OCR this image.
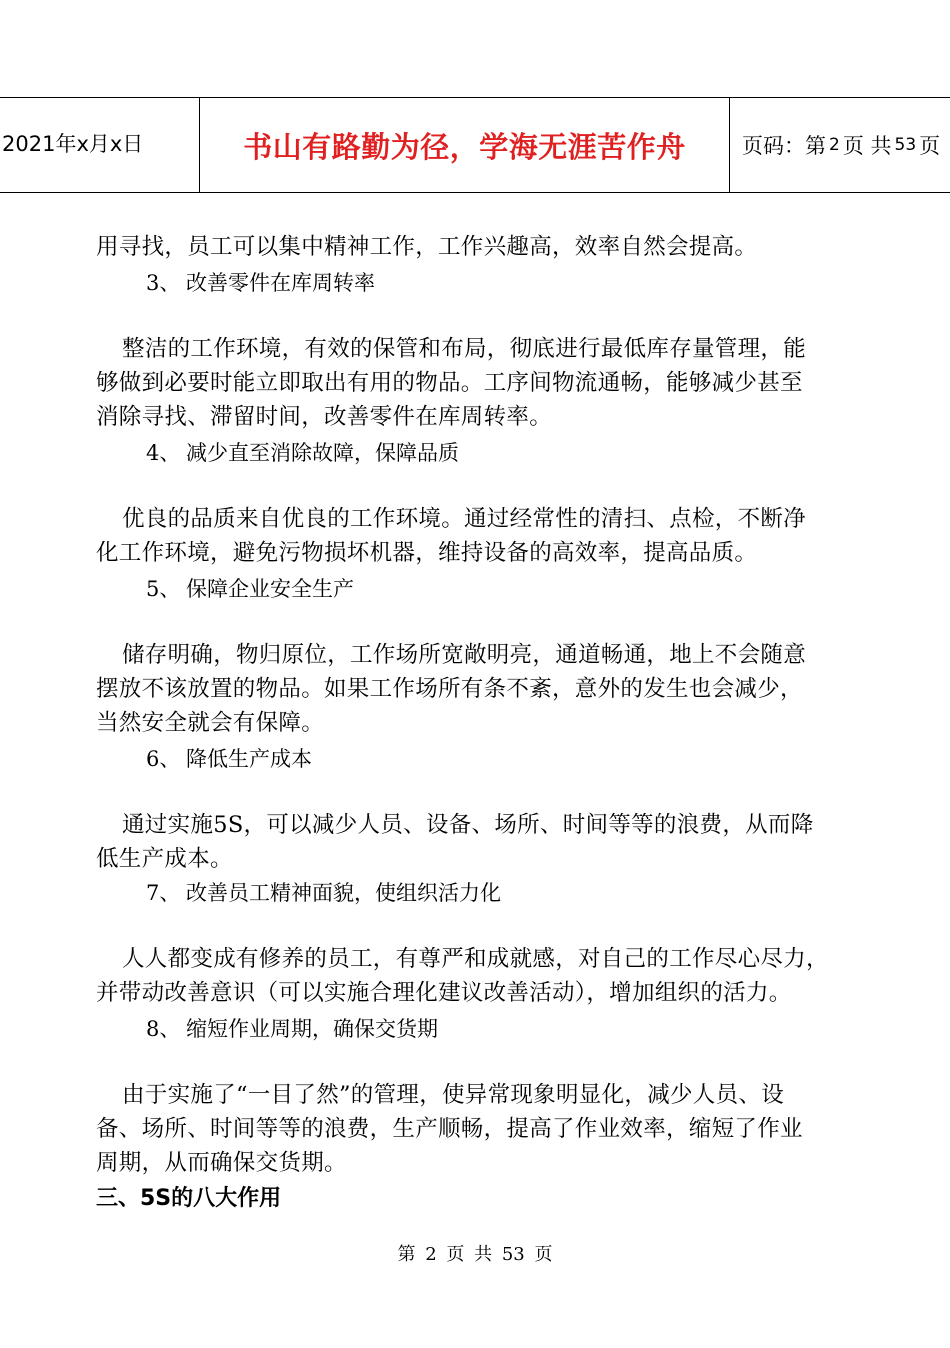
2021年x月x日	书山有路勤为径，学海无涯苦作舟	页码：第 2 页 共 53 页
用寻找，员工可以集中精神工作，工作兴趣高，效率自然会提高。
3、 改善零件在库周转率
整洁的工作环境，有效的保管和布局，彻底进行最低库存量管理，能
够做到必要时能立即取出有用的物品。工序间物流通畅，能够减少甚至
消除寻找、滞留时间，改善零件在库周转率。
4、 减少直至消除故障，保障品质
优良的品质来自优良的工作环境。通过经常性的清扫、点检，不断净
化工作环境，避免污物损坏机器，维持设备的高效率，提高品质。
5、 保障企业安全生产
储存明确，物归原位，工作场所宽敞明亮，通道畅通，地上不会随意
摆放不该放置的物品。如果工作场所有条不紊，意外的发生也会减少，
当然安全就会有保障。
6、 降低生产成本
通过实施5S，可以减少人员、设备、场所、时间等等的浪费，从而降
低生产成本。
7、 改善员工精神面貌，使组织活力化
人人都变成有修养的员工，有尊严和成就感，对自己的工作尽心尽力，
并带动改善意识（可以实施合理化建议改善活动），增加组织的活力。
8、 缩短作业周期，确保交货期
由于实施了“一目了然”的管理，使异常现象明显化，减少人员、设
备、场所、时间等等的浪费，生产顺畅，提高了作业效率，缩短了作业
周期，从而确保交货期。
三、5S的八大作用
第 2 页 共 53 页
